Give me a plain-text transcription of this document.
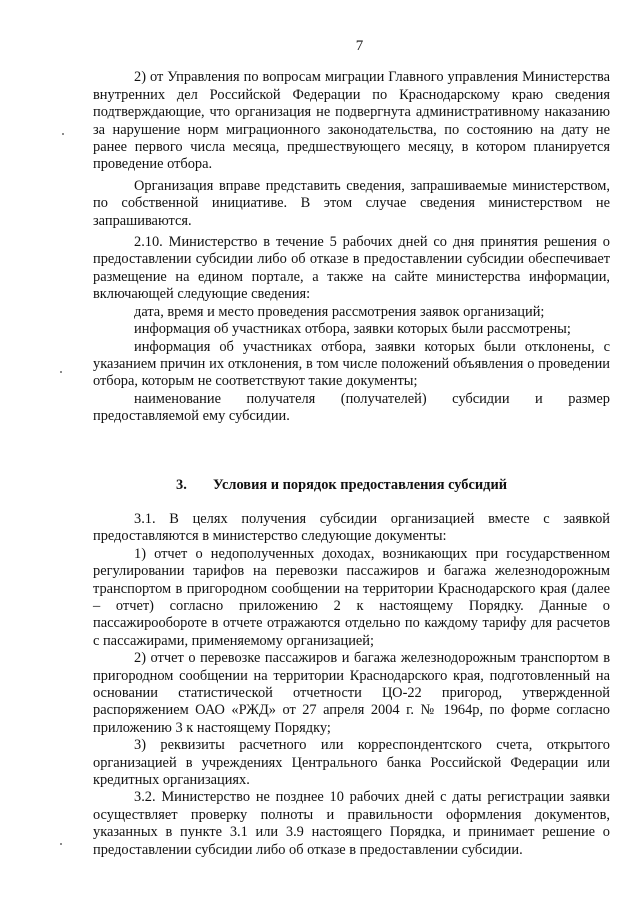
7

2) от Управления по вопросам миграции Главного управления Министерства внутренних дел Российской Федерации по Краснодарскому краю сведения подтверждающие, что организация не подвергнута административному наказанию за нарушение норм миграционного законодательства, по состоянию на дату не ранее первого числа месяца, предшествующего месяцу, в котором планируется проведение отбора.

Организация вправе представить сведения, запрашиваемые министерством, по собственной инициативе. В этом случае сведения министерством не запрашиваются.

2.10. Министерство в течение 5 рабочих дней со дня принятия решения о предоставлении субсидии либо об отказе в предоставлении субсидии обеспечивает размещение на едином портале, а также на сайте министерства информации, включающей следующие сведения:

дата, время и место проведения рассмотрения заявок организаций;

информация об участниках отбора, заявки которых были рассмотрены;

информация об участниках отбора, заявки которых были отклонены, с указанием причин их отклонения, в том числе положений объявления о проведении отбора, которым не соответствуют такие документы;

наименование получателя (получателей) субсидии и размер предоставляемой ему субсидии.

3. Условия и порядок предоставления субсидий

3.1. В целях получения субсидии организацией вместе с заявкой предоставляются в министерство следующие документы:

1) отчет о недополученных доходах, возникающих при государственном регулировании тарифов на перевозки пассажиров и багажа железнодорожным транспортом в пригородном сообщении на территории Краснодарского края (далее – отчет) согласно приложению 2 к настоящему Порядку. Данные о пассажирообороте в отчете отражаются отдельно по каждому тарифу для расчетов с пассажирами, применяемому организацией;

2) отчет о перевозке пассажиров и багажа железнодорожным транспортом в пригородном сообщении на территории Краснодарского края, подготовленный на основании статистической отчетности ЦО-22 пригород, утвержденной распоряжением ОАО «РЖД» от 27 апреля 2004 г. № 1964р, по форме согласно приложению 3 к настоящему Порядку;

3) реквизиты расчетного или корреспондентского счета, открытого организацией в учреждениях Центрального банка Российской Федерации или кредитных организациях.

3.2. Министерство не позднее 10 рабочих дней с даты регистрации заявки осуществляет проверку полноты и правильности оформления документов, указанных в пункте 3.1 или 3.9 настоящего Порядка, и принимает решение о предоставлении субсидии либо об отказе в предоставлении субсидии.
